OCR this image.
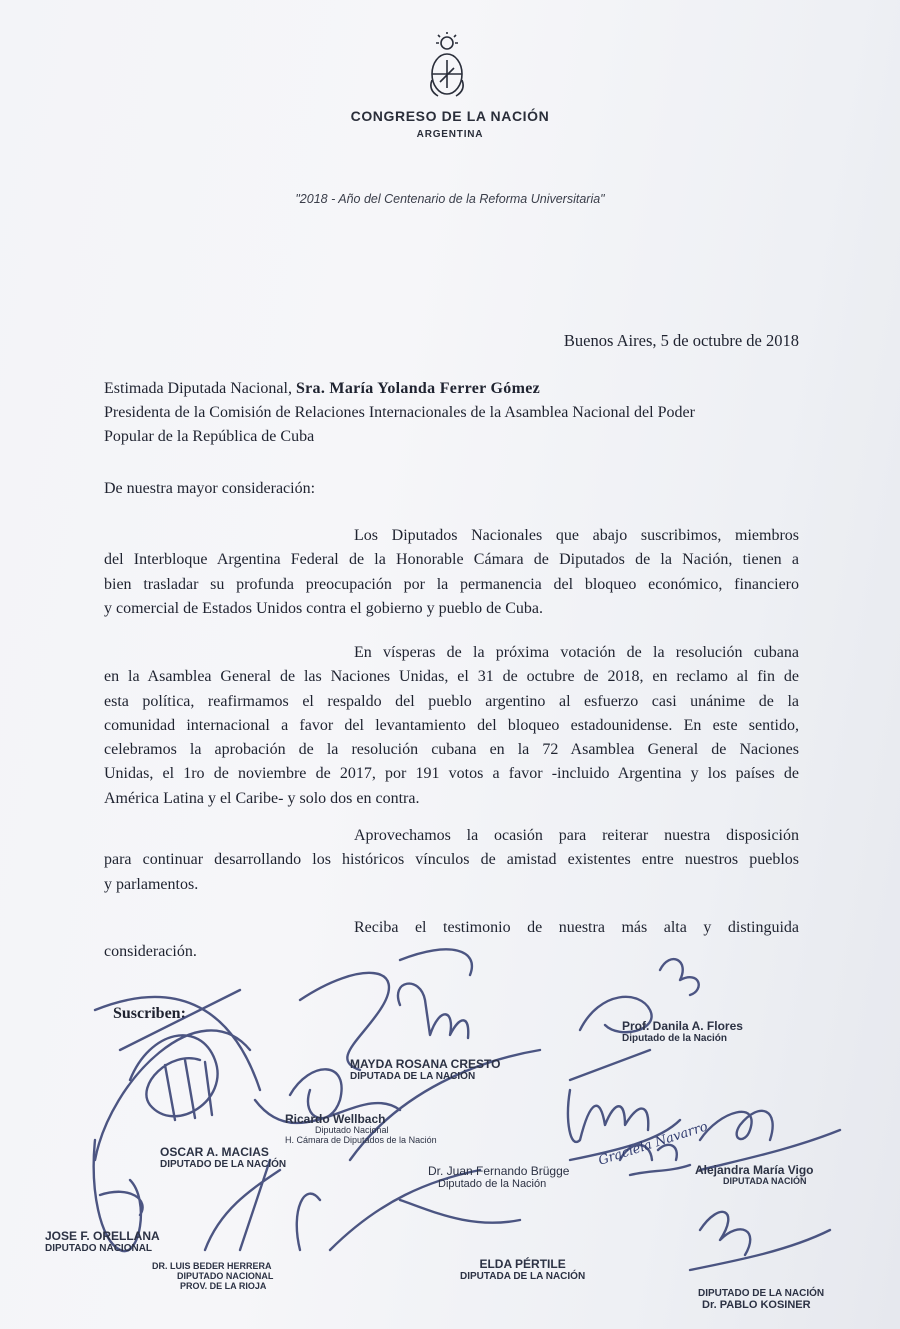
CONGRESO DE LA NACIÓN
ARGENTINA
"2018 - Año del Centenario de la Reforma Universitaria"
Buenos Aires, 5 de octubre de 2018
Estimada Diputada Nacional, Sra. María Yolanda Ferrer Gómez
Presidenta de la Comisión de Relaciones Internacionales de la Asamblea Nacional del Poder
Popular de la República de Cuba
De nuestra mayor consideración:
Los Diputados Nacionales que abajo suscribimos, miembros
del Interbloque Argentina Federal de la Honorable Cámara de Diputados de la Nación, tienen a
bien trasladar su profunda preocupación por la permanencia del bloqueo económico, financiero
y comercial de Estados Unidos contra el gobierno y pueblo de Cuba.
En vísperas de la próxima votación de la resolución cubana
en la Asamblea General de las Naciones Unidas, el 31 de octubre de 2018, en reclamo al fin de
esta política, reafirmamos el respaldo del pueblo argentino al esfuerzo casi unánime de la
comunidad internacional a favor del levantamiento del bloqueo estadounidense. En este sentido,
celebramos la aprobación de la resolución cubana en la 72 Asamblea General de Naciones
Unidas, el 1ro de noviembre de 2017, por 191 votos a favor -incluido Argentina y los países de
América Latina y el Caribe- y solo dos en contra.
Aprovechamos la ocasión para reiterar nuestra disposición
para continuar desarrollando los históricos vínculos de amistad existentes entre nuestros pueblos
y parlamentos.
Reciba el testimonio de nuestra más alta y distinguida
consideración.
Suscriben:
Graciela Navarro
Prof. Danila A. Flores
Diputado de la Nación
MAYDA ROSANA CRESTO
DIPUTADA DE LA NACIÓN
Ricardo Wellbach
Diputado Nacional
H. Cámara de Diputados de la Nación
OSCAR A. MACIAS
DIPUTADO DE LA NACIÓN	Dr. Juan Fernando Brügge
Diputado de la Nación
Alejandra María Vigo
DIPUTADA NACIÓN
JOSE F. ORELLANA
DIPUTADO NACIONAL
DR. LUIS BEDER HERRERA
DIPUTADO NACIONAL
PROV. DE LA RIOJA
ELDA PÉRTILE
DIPUTADA DE LA NACIÓN
DIPUTADO DE LA NACIÓN
Dr. PABLO KOSINER
